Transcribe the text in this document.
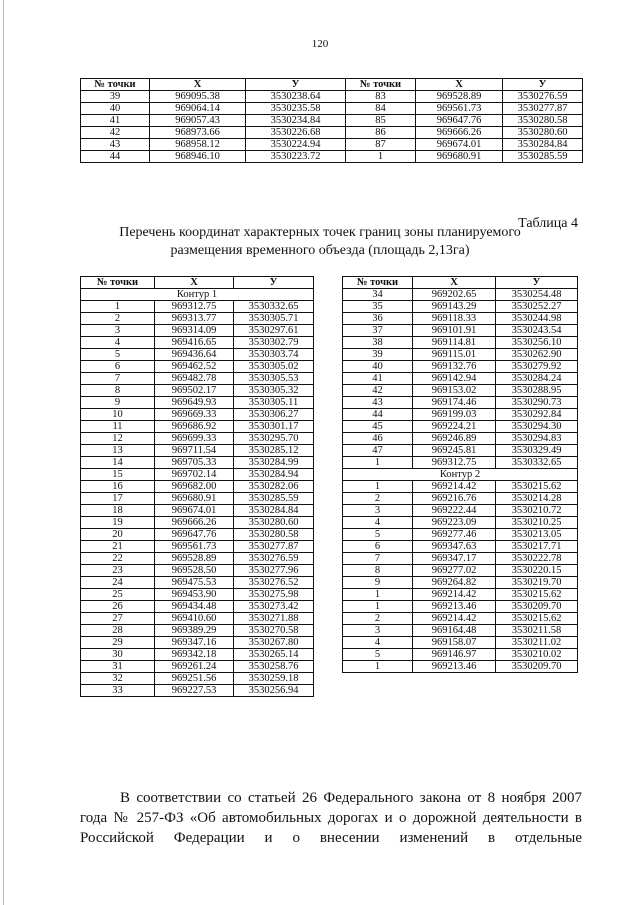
120
№ точки	X	У	№ точки	X	У
39	969095.38	3530238.64	83	969528.89	3530276.59
40	969064.14	3530235.58	84	969561.73	3530277.87
41	969057.43	3530234.84	85	969647.76	3530280.58
42	968973.66	3530226.68	86	969666.26	3530280.60
43	968958.12	3530224.94	87	969674.01	3530284.84
44	968946.10	3530223.72	1	969680.91	3530285.59
Таблица 4
Перечень координат характерных точек границ зоны планируемого
размещения временного объезда (площадь 2,13га)
№ точки	X	У
Контур 1		
1	969312.75	3530332.65
2	969313.77	3530305.71
3	969314.09	3530297.61
4	969416.65	3530302.79
5	969436.64	3530303.74
6	969462.52	3530305.02
7	969482.78	3530305.53
8	969502.17	3530305.32
9	969649.93	3530305.11
10	969669.33	3530306.27
11	969686.92	3530301.17
12	969699.33	3530295.70
13	969711.54	3530285.12
14	969705.33	3530284.99
15	969702.14	3530284.94
16	969682.00	3530282.06
17	969680.91	3530285.59
18	969674.01	3530284.84
19	969666.26	3530280.60
20	969647.76	3530280.58
21	969561.73	3530277.87
22	969528.89	3530276.59
23	969528.50	3530277.96
24	969475.53	3530276.52
25	969453.90	3530275.98
26	969434.48	3530273.42
27	969410.60	3530271.88
28	969389.29	3530270.58
29	969347.16	3530267.80
30	969342.18	3530265.14
31	969261.24	3530258.76
32	969251.56	3530259.18
33	969227.53	3530256.94
№ точки	X	У
34	969202.65	3530254.48
35	969143.29	3530252.27
36	969118.33	3530244.98
37	969101.91	3530243.54
38	969114.81	3530256.10
39	969115.01	3530262.90
40	969132.76	3530279.92
41	969142.94	3530284.24
42	969153.02	3530288.95
43	969174.46	3530290.73
44	969199.03	3530292.84
45	969224.21	3530294.30
46	969246.89	3530294.83
47	969245.81	3530329.49
1	969312.75	3530332.65
Контур 2		
1	969214.42	3530215.62
2	969216.76	3530214.28
3	969222.44	3530210.72
4	969223.09	3530210.25
5	969277.46	3530213.05
6	969347.63	3530217.71
7	969347.17	3530222.78
8	969277.02	3530220.15
9	969264.82	3530219.70
1	969214.42	3530215.62
1	969213.46	3530209.70
2	969214.42	3530215.62
3	969164.48	3530211.58
4	969158.07	3530211.02
5	969146.97	3530210.02
1	969213.46	3530209.70
В соответствии со статьей 26 Федерального закона от 8 ноября 2007
года № 257-ФЗ «Об автомобильных дорогах и о дорожной деятельности в
Российской Федерации и о внесении изменений в отдельные
